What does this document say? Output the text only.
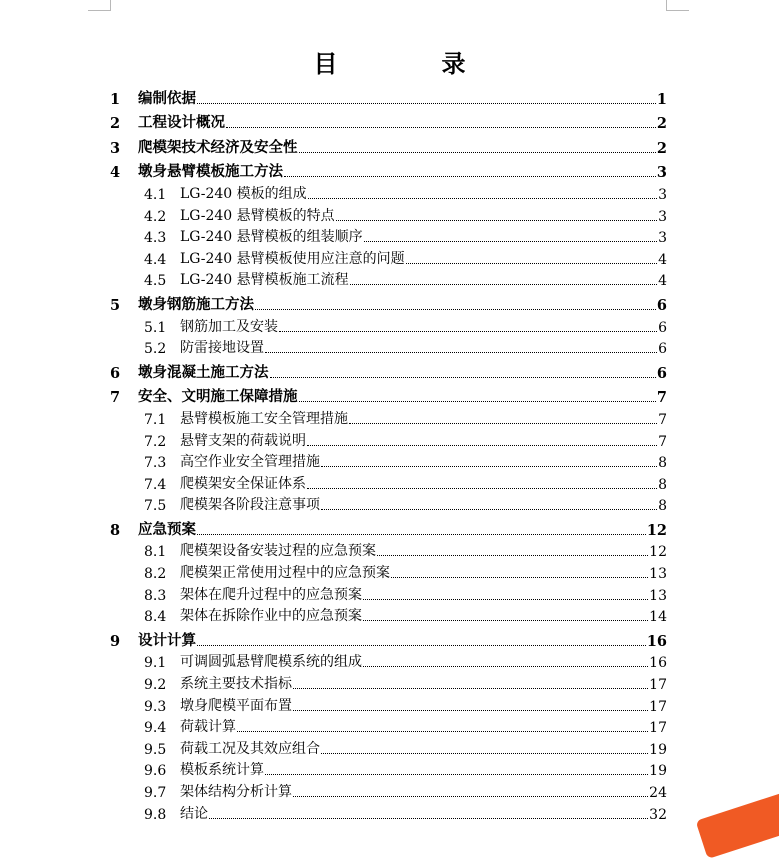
目　录
1	编制依据	1
2	工程设计概况	2
3	爬模架技术经济及安全性	2
4	墩身悬臂模板施工方法	3
4.1 LG-240 模板的组成	3
4.2 LG-240 悬臂模板的特点	3
4.3 LG-240 悬臂模板的组装顺序	3
4.4 LG-240 悬臂模板使用应注意的问题	4
4.5 LG-240 悬臂模板施工流程	4
5	墩身钢筋施工方法	6
5.1 钢筋加工及安装	6
5.2 防雷接地设置	6
6	墩身混凝土施工方法	6
7	安全、文明施工保障措施	7
7.1 悬臂模板施工安全管理措施	7
7.2 悬臂支架的荷载说明	7
7.3 高空作业安全管理措施	8
7.4 爬模架安全保证体系	8
7.5 爬模架各阶段注意事项	8
8	应急预案	12
8.1 爬模架设备安装过程的应急预案	12
8.2 爬模架正常使用过程中的应急预案	13
8.3 架体在爬升过程中的应急预案	13
8.4 架体在拆除作业中的应急预案	14
9	设计计算	16
9.1 可调圆弧悬臂爬模系统的组成	16
9.2 系统主要技术指标	17
9.3 墩身爬模平面布置	17
9.4 荷载计算	17
9.5 荷载工况及其效应组合	19
9.6 模板系统计算	19
9.7 架体结构分析计算	24
9.8 结论	32
